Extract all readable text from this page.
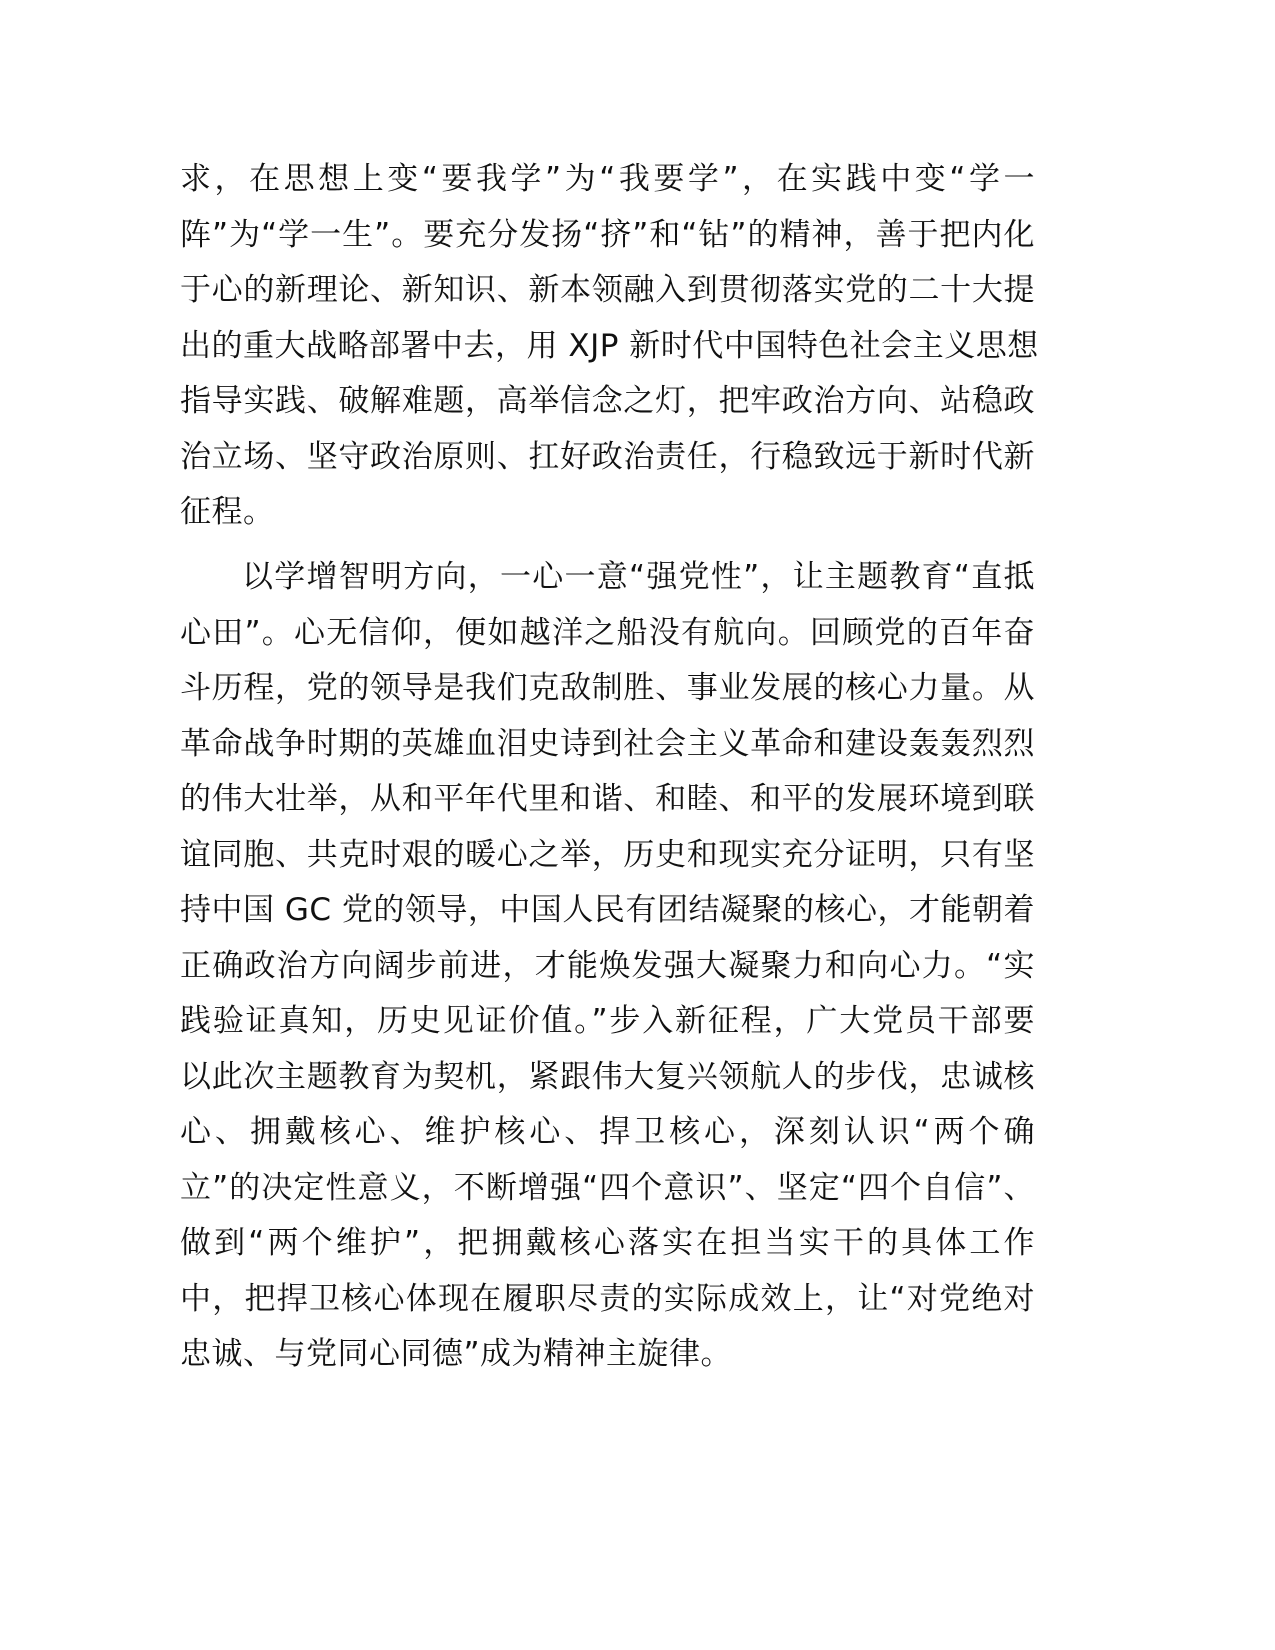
求，在思想上变“要我学”为“我要学”，在实践中变“学一
阵”为“学一生”。要充分发扬“挤”和“钻”的精神，善于把内化
于心的新理论、新知识、新本领融入到贯彻落实党的二十大提
出的重大战略部署中去，用 XJP 新时代中国特色社会主义思想
指导实践、破解难题，高举信念之灯，把牢政治方向、站稳政
治立场、坚守政治原则、扛好政治责任，行稳致远于新时代新
征程。
以学增智明方向，一心一意“强党性”，让主题教育“直抵
心田”。心无信仰，便如越洋之船没有航向。回顾党的百年奋
斗历程，党的领导是我们克敌制胜、事业发展的核心力量。从
革命战争时期的英雄血泪史诗到社会主义革命和建设轰轰烈烈
的伟大壮举，从和平年代里和谐、和睦、和平的发展环境到联
谊同胞、共克时艰的暖心之举，历史和现实充分证明，只有坚
持中国 GC 党的领导，中国人民有团结凝聚的核心，才能朝着
正确政治方向阔步前进，才能焕发强大凝聚力和向心力。“实
践验证真知，历史见证价值。”步入新征程，广大党员干部要
以此次主题教育为契机，紧跟伟大复兴领航人的步伐，忠诚核
心、拥戴核心、维护核心、捍卫核心，深刻认识“两个确
立”的决定性意义，不断增强“四个意识”、坚定“四个自信”、
做到“两个维护”，把拥戴核心落实在担当实干的具体工作
中，把捍卫核心体现在履职尽责的实际成效上，让“对党绝对
忠诚、与党同心同德”成为精神主旋律。
